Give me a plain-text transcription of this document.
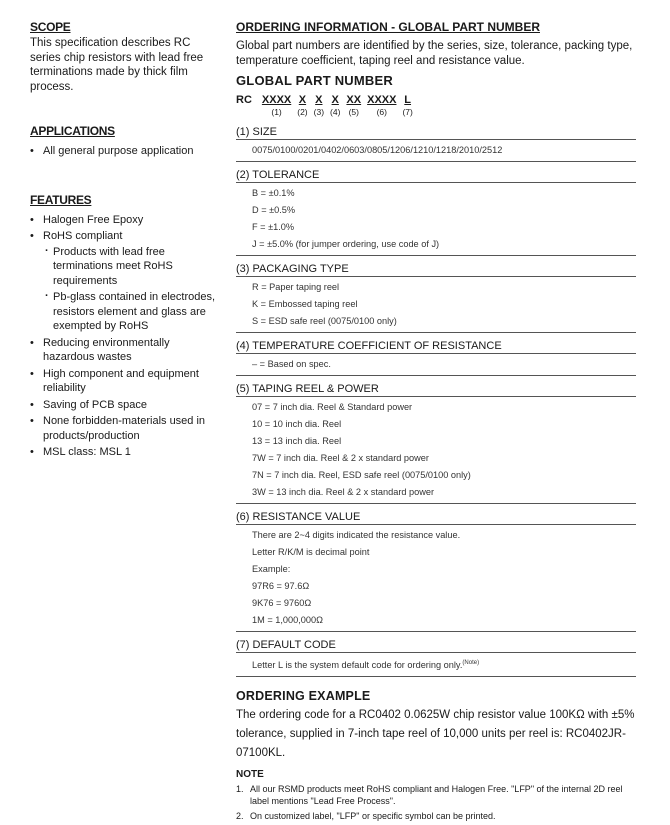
SCOPE

This specification describes RC series chip resistors with lead free terminations made by thick film process.

APPLICATIONS
• All general purpose application
FEATURES
• Halogen Free Epoxy
• RoHS compliant
· Products with lead free terminations meet RoHS requirements
· Pb-glass contained in electrodes, resistors element and glass are exempted by RoHS
• Reducing environmentally hazardous wastes
• High component and equipment reliability
• Saving of PCB space
• None forbidden-materials used in products/production
• MSL class: MSL 1
ORDERING INFORMATION - GLOBAL PART NUMBER

Global part numbers are identified by the series, size, tolerance, packing type, temperature coefficient, taping reel and resistance value.

GLOBAL PART NUMBER
RC XXXX
(1)
X
(2)
X
(3)
X
(4)
XX
(5)
XXXX
(6)
L
(7)
(1) SIZE
0075/0100/0201/0402/0603/0805/1206/1210/1218/2010/2512
(2) TOLERANCE
B = ±0.1%
D = ±0.5%
F = ±1.0%
J = ±5.0% (for jumper ordering, use code of J)
(3) PACKAGING TYPE
R = Paper taping reel
K = Embossed taping reel
S = ESD safe reel (0075/0100 only)
(4) TEMPERATURE COEFFICIENT OF RESISTANCE
– = Based on spec.
(5) TAPING REEL & POWER
07 = 7 inch dia. Reel & Standard power
10 = 10 inch dia. Reel
13 = 13 inch dia. Reel
7W = 7 inch dia. Reel & 2 x standard power
7N = 7 inch dia. Reel, ESD safe reel (0075/0100 only)
3W = 13 inch dia. Reel & 2 x standard power
(6) RESISTANCE VALUE
There are 2~4 digits indicated the resistance value.
Letter R/K/M is decimal point
Example:
97R6 = 97.6Ω
9K76 = 9760Ω
1M = 1,000,000Ω
(7) DEFAULT CODE
Letter L is the system default code for ordering only.$^{(Note)}$
ORDERING EXAMPLE

The ordering code for a RC0402 0.0625W chip resistor value 100KΩ with ±5% tolerance, supplied in 7-inch tape reel of 10,000 units per reel is: RC0402JR-07100KL.

NOTE
1. All our RSMD products meet RoHS compliant and Halogen Free. "LFP" of the internal 2D reel label mentions "Lead Free Process".
2. On customized label, "LFP" or specific symbol can be printed.
